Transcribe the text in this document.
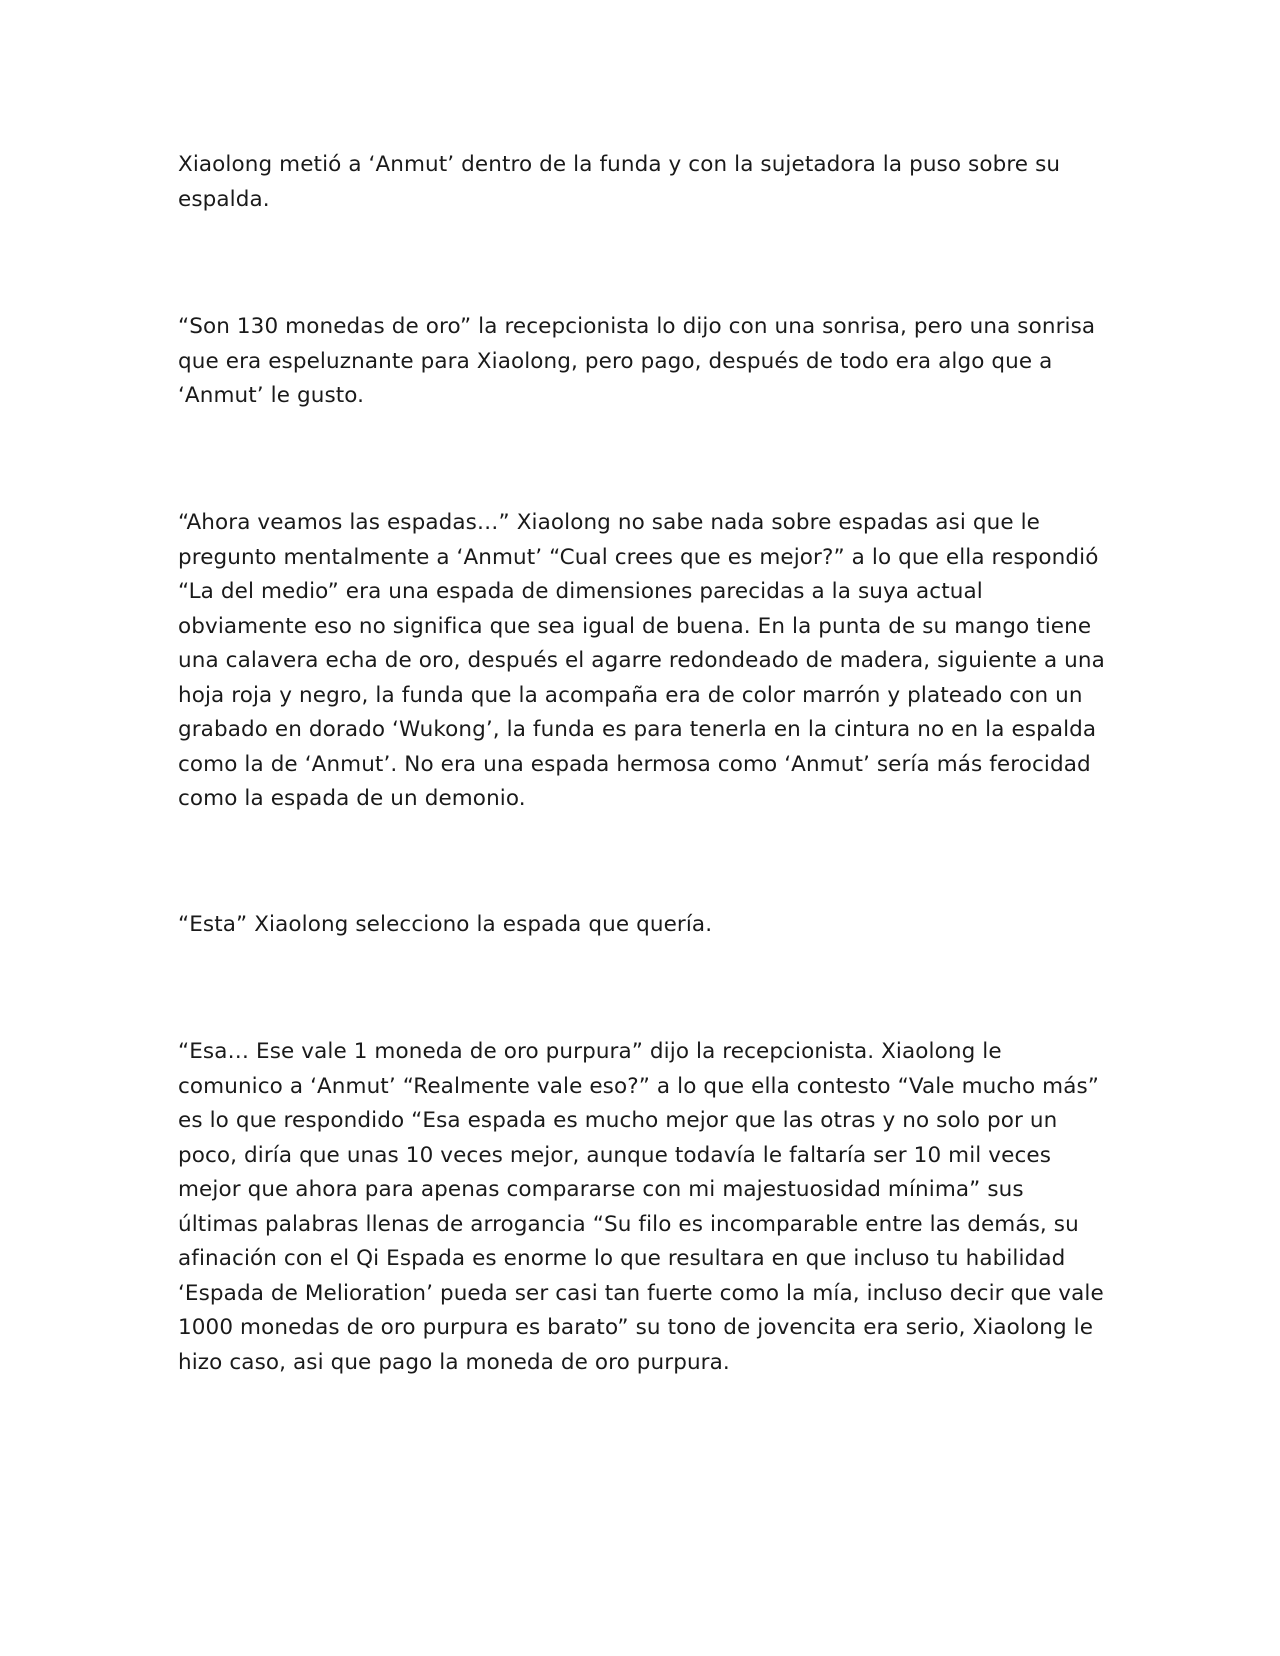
Xiaolong metió a ‘Anmut’ dentro de la funda y con la sujetadora la puso sobre su espalda.

“Son 130 monedas de oro” la recepcionista lo dijo con una sonrisa, pero una sonrisa que era espeluznante para Xiaolong, pero pago, después de todo era algo que a ‘Anmut’ le gusto.

“Ahora veamos las espadas…” Xiaolong no sabe nada sobre espadas asi que le pregunto mentalmente a ‘Anmut’ “Cual crees que es mejor?” a lo que ella respondió “La del medio” era una espada de dimensiones parecidas a la suya actual obviamente eso no significa que sea igual de buena. En la punta de su mango tiene una calavera echa de oro, después el agarre redondeado de madera, siguiente a una hoja roja y negro, la funda que la acompaña era de color marrón y plateado con un grabado en dorado ‘Wukong’, la funda es para tenerla en la cintura no en la espalda como la de ‘Anmut’. No era una espada hermosa como ‘Anmut’ sería más ferocidad como la espada de un demonio.

“Esta” Xiaolong selecciono la espada que quería.

“Esa… Ese vale 1 moneda de oro purpura” dijo la recepcionista. Xiaolong le comunico a ‘Anmut’ “Realmente vale eso?” a lo que ella contesto “Vale mucho más” es lo que respondido “Esa espada es mucho mejor que las otras y no solo por un poco, diría que unas 10 veces mejor, aunque todavía le faltaría ser 10 mil veces mejor que ahora para apenas compararse con mi majestuosidad mínima” sus últimas palabras llenas de arrogancia “Su filo es incomparable entre las demás, su afinación con el Qi Espada es enorme lo que resultara en que incluso tu habilidad ‘Espada de Melioration’ pueda ser casi tan fuerte como la mía, incluso decir que vale 1000 monedas de oro purpura es barato” su tono de jovencita era serio, Xiaolong le hizo caso, asi que pago la moneda de oro purpura.
